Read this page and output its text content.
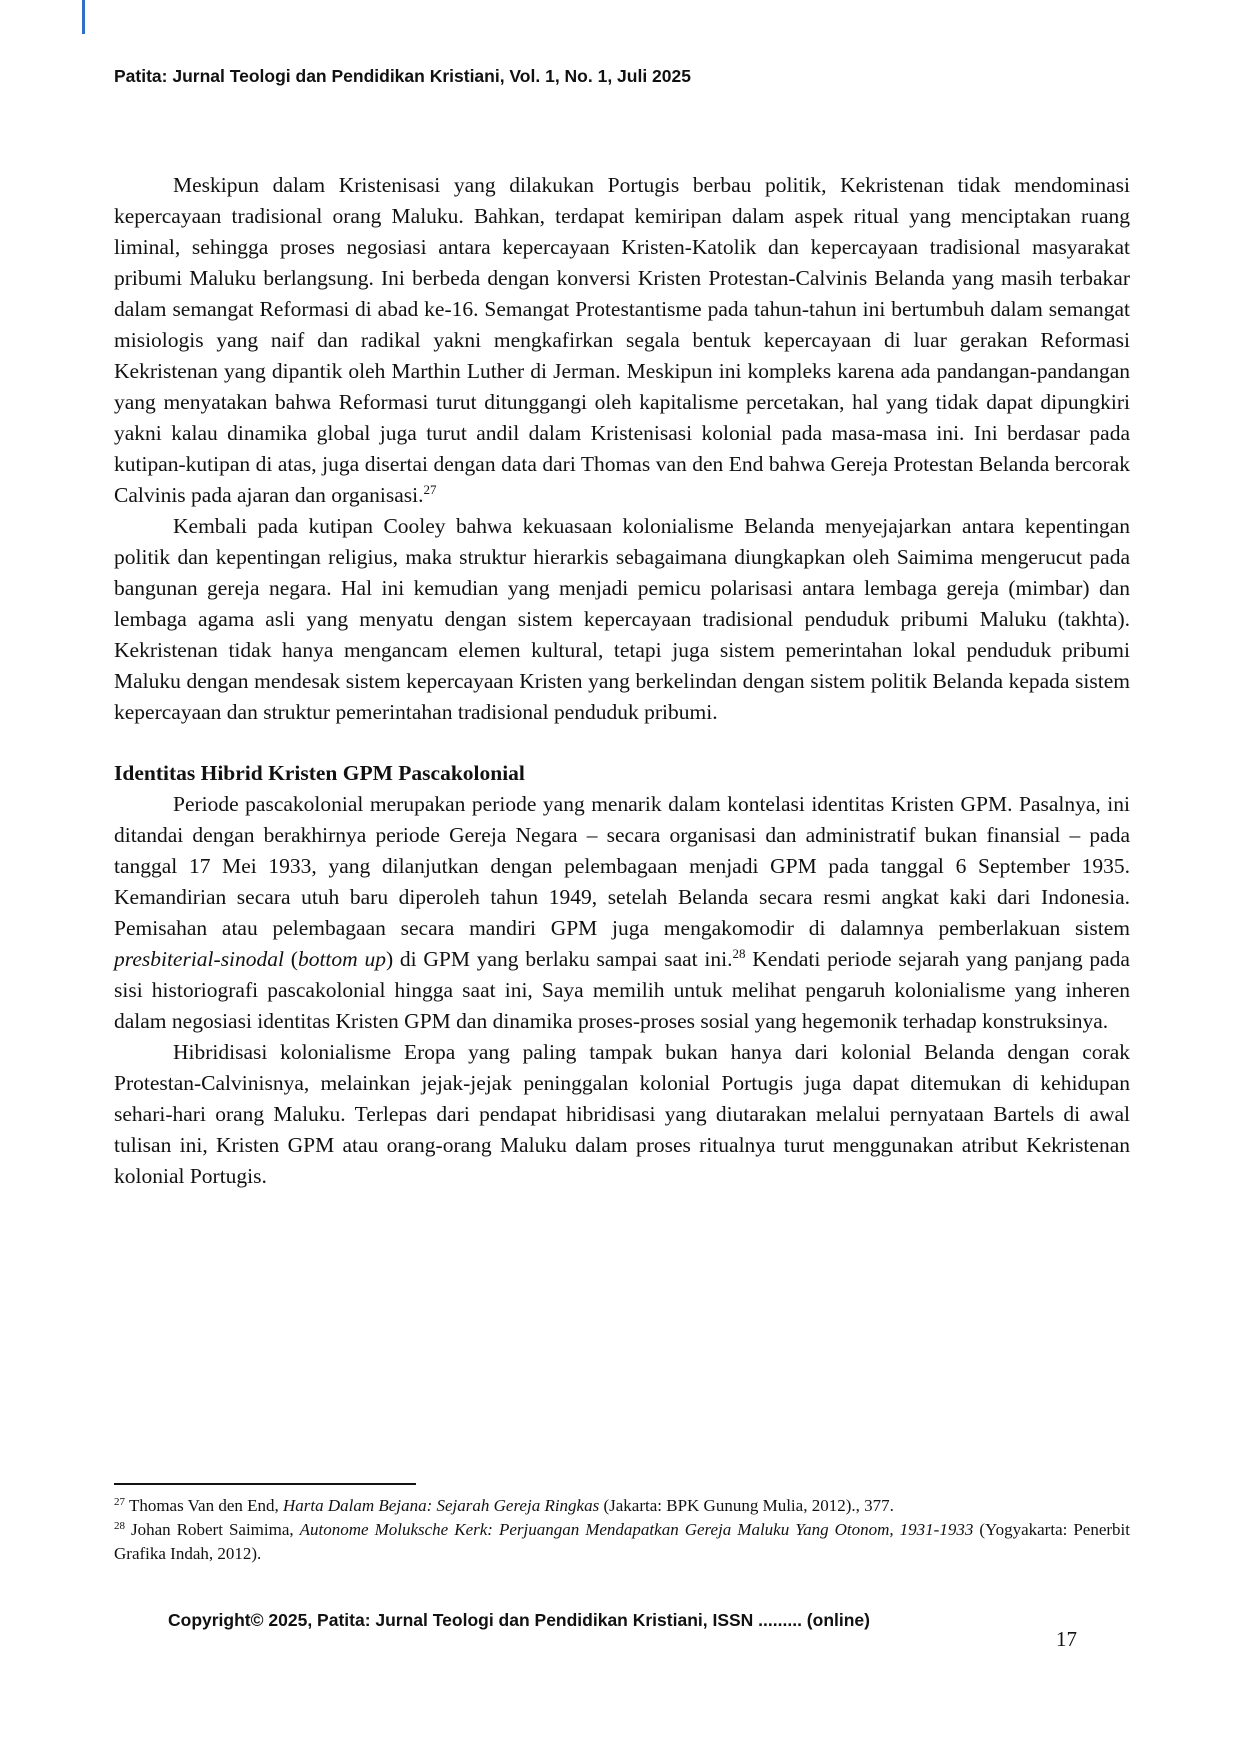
Patita: Jurnal Teologi dan Pendidikan Kristiani, Vol. 1, No. 1, Juli 2025

Meskipun dalam Kristenisasi yang dilakukan Portugis berbau politik, Kekristenan tidak mendominasi kepercayaan tradisional orang Maluku. Bahkan, terdapat kemiripan dalam aspek ritual yang menciptakan ruang liminal, sehingga proses negosiasi antara kepercayaan Kristen-Katolik dan kepercayaan tradisional masyarakat pribumi Maluku berlangsung. Ini berbeda dengan konversi Kristen Protestan-Calvinis Belanda yang masih terbakar dalam semangat Reformasi di abad ke-16. Semangat Protestantisme pada tahun-tahun ini bertumbuh dalam semangat misiologis yang naif dan radikal yakni mengkafirkan segala bentuk kepercayaan di luar gerakan Reformasi Kekristenan yang dipantik oleh Marthin Luther di Jerman. Meskipun ini kompleks karena ada pandangan-pandangan yang menyatakan bahwa Reformasi turut ditunggangi oleh kapitalisme percetakan, hal yang tidak dapat dipungkiri yakni kalau dinamika global juga turut andil dalam Kristenisasi kolonial pada masa-masa ini. Ini berdasar pada kutipan-kutipan di atas, juga disertai dengan data dari Thomas van den End bahwa Gereja Protestan Belanda bercorak Calvinis pada ajaran dan organisasi.$^{27}$

Kembali pada kutipan Cooley bahwa kekuasaan kolonialisme Belanda menyejajarkan antara kepentingan politik dan kepentingan religius, maka struktur hierarkis sebagaimana diungkapkan oleh Saimima mengerucut pada bangunan gereja negara. Hal ini kemudian yang menjadi pemicu polarisasi antara lembaga gereja (mimbar) dan lembaga agama asli yang menyatu dengan sistem kepercayaan tradisional penduduk pribumi Maluku (takhta). Kekristenan tidak hanya mengancam elemen kultural, tetapi juga sistem pemerintahan lokal penduduk pribumi Maluku dengan mendesak sistem kepercayaan Kristen yang berkelindan dengan sistem politik Belanda kepada sistem kepercayaan dan struktur pemerintahan tradisional penduduk pribumi.

Identitas Hibrid Kristen GPM Pascakolonial

Periode pascakolonial merupakan periode yang menarik dalam kontelasi identitas Kristen GPM. Pasalnya, ini ditandai dengan berakhirnya periode Gereja Negara – secara organisasi dan administratif bukan finansial – pada tanggal 17 Mei 1933, yang dilanjutkan dengan pelembagaan menjadi GPM pada tanggal 6 September 1935. Kemandirian secara utuh baru diperoleh tahun 1949, setelah Belanda secara resmi angkat kaki dari Indonesia. Pemisahan atau pelembagaan secara mandiri GPM juga mengakomodir di dalamnya pemberlakuan sistem presbiterial-sinodal (bottom up) di GPM yang berlaku sampai saat ini.$^{28}$ Kendati periode sejarah yang panjang pada sisi historiografi pascakolonial hingga saat ini, Saya memilih untuk melihat pengaruh kolonialisme yang inheren dalam negosiasi identitas Kristen GPM dan dinamika proses-proses sosial yang hegemonik terhadap konstruksinya.

Hibridisasi kolonialisme Eropa yang paling tampak bukan hanya dari kolonial Belanda dengan corak Protestan-Calvinisnya, melainkan jejak-jejak peninggalan kolonial Portugis juga dapat ditemukan di kehidupan sehari-hari orang Maluku. Terlepas dari pendapat hibridisasi yang diutarakan melalui pernyataan Bartels di awal tulisan ini, Kristen GPM atau orang-orang Maluku dalam proses ritualnya turut menggunakan atribut Kekristenan kolonial Portugis.

$^{27}$ Thomas Van den End, Harta Dalam Bejana: Sejarah Gereja Ringkas (Jakarta: BPK Gunung Mulia, 2012)., 377.

$^{28}$ Johan Robert Saimima, Autonome Moluksche Kerk: Perjuangan Mendapatkan Gereja Maluku Yang Otonom, 1931-1933 (Yogyakarta: Penerbit Grafika Indah, 2012).

Copyright© 2025, Patita: Jurnal Teologi dan Pendidikan Kristiani, ISSN ......... (online)
17
